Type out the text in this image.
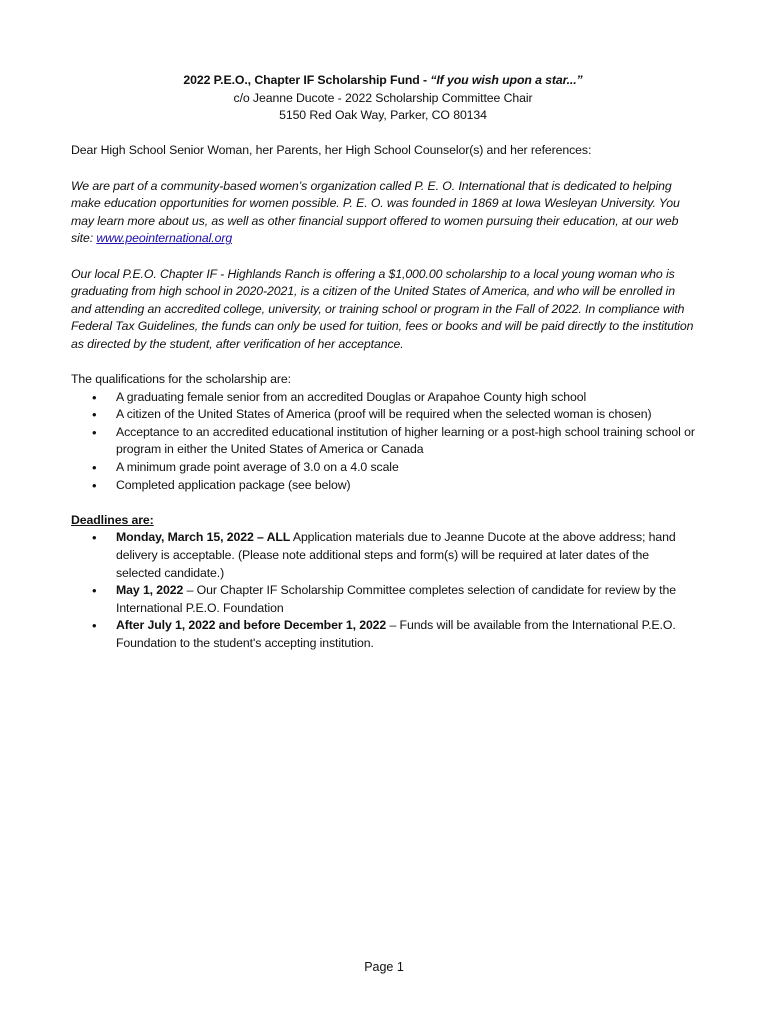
2022 P.E.O., Chapter IF Scholarship Fund - “If you wish upon a star...”
c/o Jeanne Ducote - 2022 Scholarship Committee Chair
5150 Red Oak Way, Parker, CO 80134

Dear High School Senior Woman, her Parents, her High School Counselor(s) and her references:

We are part of a community-based women’s organization called P. E. O. International that is dedicated to helping make education opportunities for women possible. P. E. O. was founded in 1869 at Iowa Wesleyan University. You may learn more about us, as well as other financial support offered to women pursuing their education, at our web site: www.peointernational.org

Our local P.E.O. Chapter IF - Highlands Ranch is offering a $1,000.00 scholarship to a local young woman who is graduating from high school in 2020-2021, is a citizen of the United States of America, and who will be enrolled in and attending an accredited college, university, or training school or program in the Fall of 2022. In compliance with Federal Tax Guidelines, the funds can only be used for tuition, fees or books and will be paid directly to the institution as directed by the student, after verification of her acceptance.

The qualifications for the scholarship are:

• A graduating female senior from an accredited Douglas or Arapahoe County high school
• A citizen of the United States of America (proof will be required when the selected woman is chosen)
• Acceptance to an accredited educational institution of higher learning or a post-high school training school or program in either the United States of America or Canada
• A minimum grade point average of 3.0 on a 4.0 scale
• Completed application package (see below)

Deadlines are:

• Monday, March 15, 2022 – ALL Application materials due to Jeanne Ducote at the above address; hand delivery is acceptable. (Please note additional steps and form(s) will be required at later dates of the selected candidate.)
• May 1, 2022 – Our Chapter IF Scholarship Committee completes selection of candidate for review by the International P.E.O. Foundation
• After July 1, 2022 and before December 1, 2022 – Funds will be available from the International P.E.O. Foundation to the student's accepting institution.
Page 1
